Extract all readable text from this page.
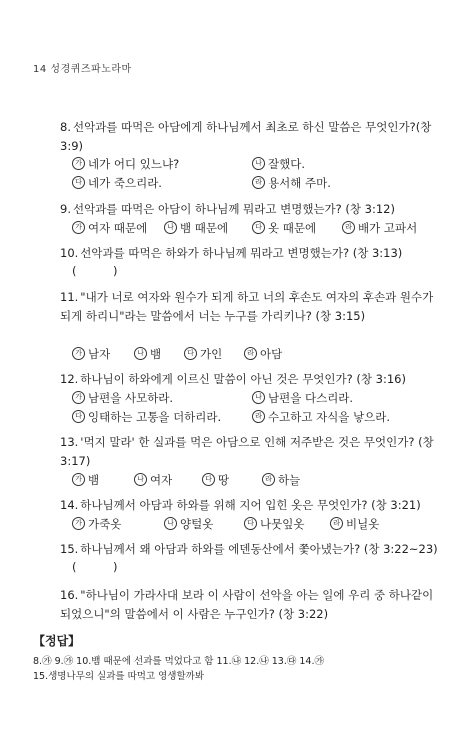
14 성경퀴즈파노라마
8. 선악과를 따먹은 아담에게 하나님께서 최초로 하신 말씀은 무엇인가?(창 3:9)
가 네가 어디 있느냐?	나 잘했다.
다 네가 죽으리라.	라 용서해 주마.
9. 선악과를 따먹은 아담이 하나님께 뭐라고 변명했는가? (창 3:12)
가 여자 때문에	나 뱀 때문에	다 옷 때문에	라 배가 고파서
10. 선악과를 따먹은 하와가 하나님께 뭐라고 변명했는가? (창 3:13)
(          )
11. "내가 너로 여자와 원수가 되게 하고 너의 후손도 여자의 후손과 원수가 되게 하리니"라는 말씀에서 너는 누구를 가리키나? (창 3:15)
가 남자	나 뱀	다 가인	라 아담
12. 하나님이 하와에게 이르신 말씀이 아닌 것은 무엇인가? (창 3:16)
가 남편을 사모하라.	나 남편을 다스리라.
다 잉태하는 고통을 더하리라.	라 수고하고 자식을 낳으라.
13. '먹지 말라' 한 실과를 먹은 아담으로 인해 저주받은 것은 무엇인가? (창 3:17)
가 뱀	나 여자	다 땅	라 하늘
14. 하나님께서 아담과 하와를 위해 지어 입힌 옷은 무엇인가? (창 3:21)
가 가죽옷	나 양털옷	다 나뭇잎옷	라 비닐옷
15. 하나님께서 왜 아담과 하와를 에덴동산에서 쫓아냈는가? (창 3:22~23)
(          )
16. "하나님이 가라사대 보라 이 사람이 선악을 아는 일에 우리 중 하나같이 되었으니"의 말씀에서 이 사람은 누구인가? (창 3:22)
【정답】
8.㉮ 9.㉮ 10.뱀 때문에 선과를 먹었다고 함 11.㉯ 12.㉯ 13.㉰ 14.㉮
15.생명나무의 실과를 따먹고 영생할까봐
